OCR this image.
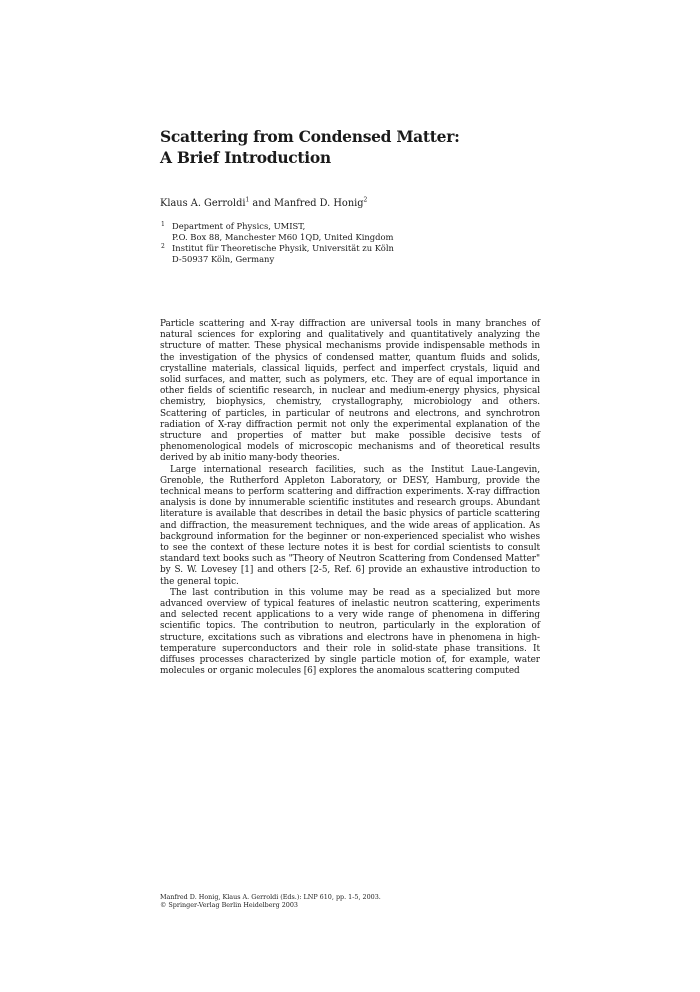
Scattering from Condensed Matter:
A Brief Introduction
Klaus A. Gerroldi$^1$ and Manfred D. Honig$^2$
1 Department of Physics, UMIST,
P.O. Box 88, Manchester M60 1QD, United Kingdom
2 Institut für Theoretische Physik, Universität zu Köln
D-50937 Köln, Germany

Particle scattering and X-ray diffraction are universal tools in many branches of natural sciences for exploring and qualitatively and quantitatively analyzing the structure of matter. These physical mechanisms provide indispensable methods in the investigation of the physics of condensed matter, quantum fluids and solids, crystalline materials, classical liquids, perfect and imperfect crystals, liquid and solid surfaces, and matter, such as polymers, etc. They are of equal importance in other fields of scientific research, in nuclear and medium-energy physics, physical chemistry, biophysics, chemistry, crystallography, microbiology and others. Scattering of particles, in particular of neutrons and electrons, and synchrotron radiation of X-ray diffraction permit not only the experimental explanation of the structure and properties of matter but make possible decisive tests of phenomenological models of microscopic mechanisms and of theoretical results derived by ab initio many-body theories.

Large international research facilities, such as the Institut Laue-Langevin, Grenoble, the Rutherford Appleton Laboratory, or DESY, Hamburg, provide the technical means to perform scattering and diffraction experiments. X-ray diffraction analysis is done by innumerable scientific institutes and research groups. Abundant literature is available that describes in detail the basic physics of particle scattering and diffraction, the measurement techniques, and the wide areas of application. As background information for the beginner or non-experienced specialist who wishes to see the context of these lecture notes it is best for cordial scientists to consult standard text books such as "Theory of Neutron Scattering from Condensed Matter" by S. W. Lovesey [1] and others [2-5, Ref. 6] provide an exhaustive introduction to the general topic.

The last contribution in this volume may be read as a specialized but more advanced overview of typical features of inelastic neutron scattering, experiments and selected recent applications to a very wide range of phenomena in differing scientific topics. The contribution to neutron, particularly in the exploration of structure, excitations such as vibrations and electrons have in phenomena in high-temperature superconductors and their role in solid-state phase transitions. It diffuses processes characterized by single particle motion of, for example, water molecules or organic molecules [6] explores the anomalous scattering computed

Manfred D. Honig, Klaus A. Gerroldi (Eds.): LNP 610, pp. 1-5, 2003.
© Springer-Verlag Berlin Heidelberg 2003
